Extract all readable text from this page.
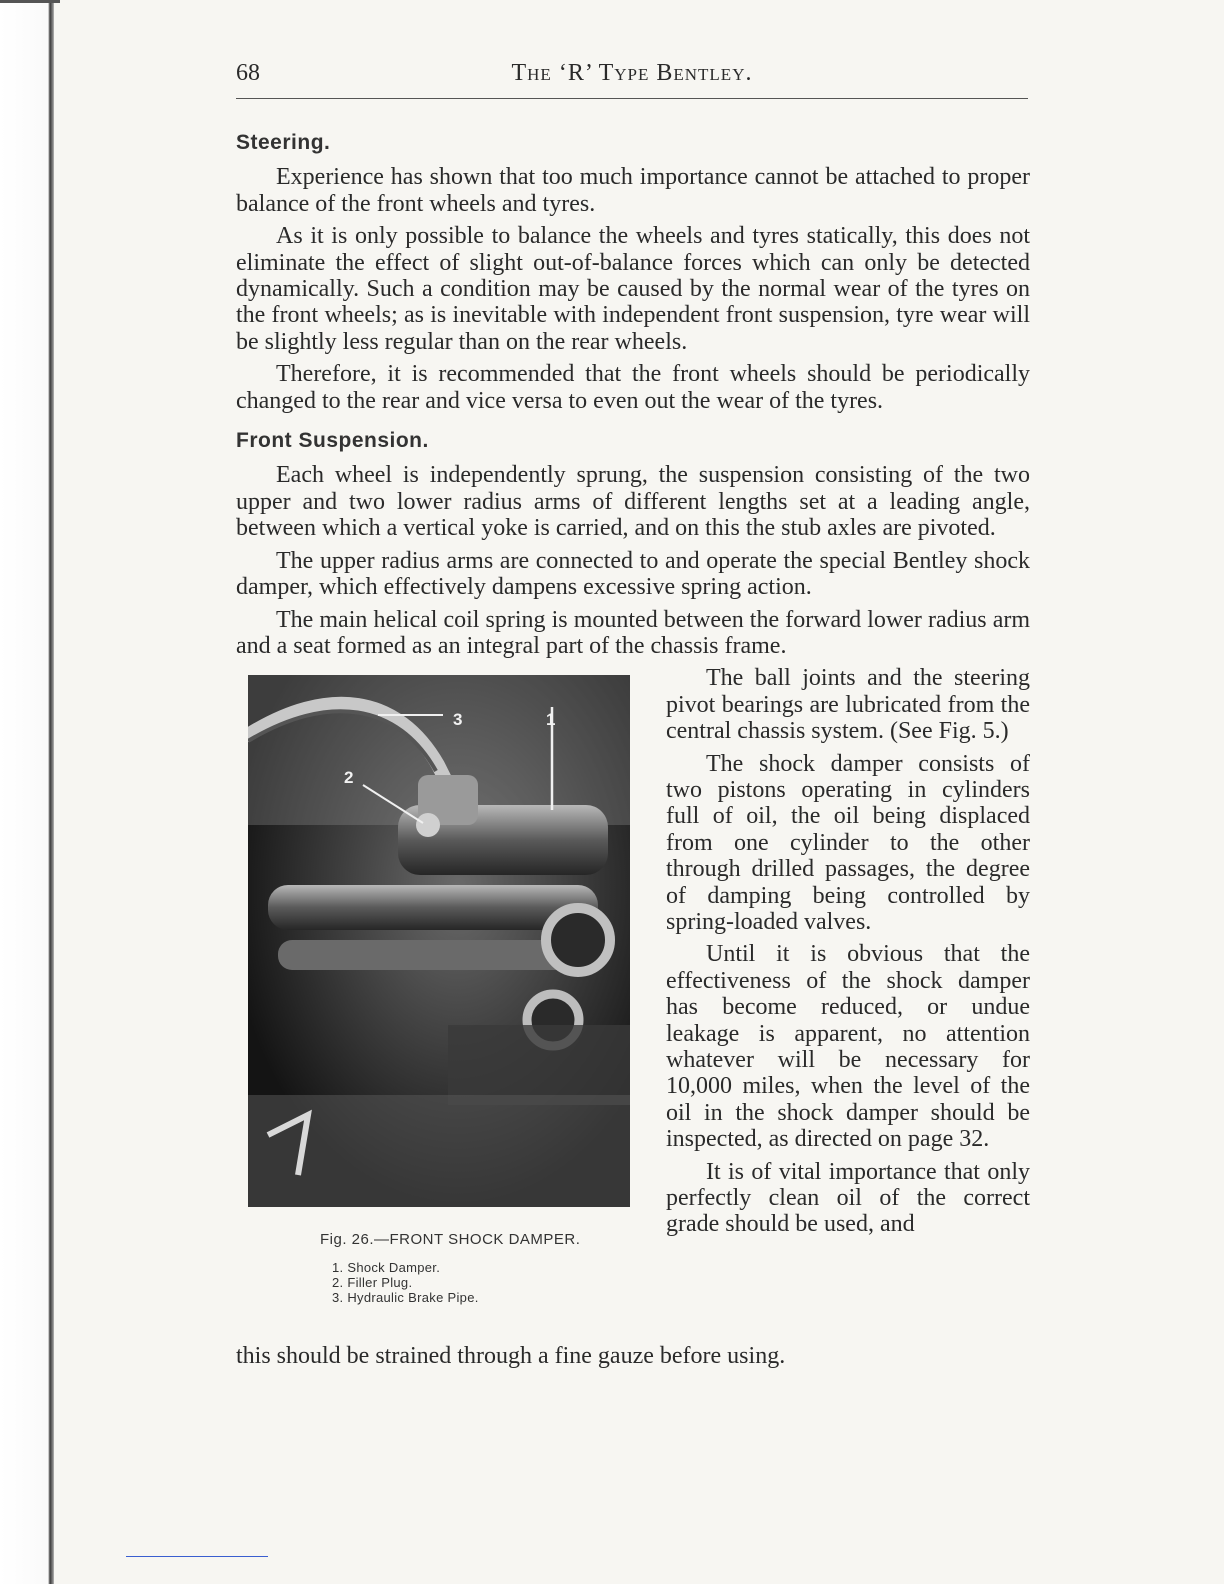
68	The ‘R’ Type Bentley.
Steering.

Experience has shown that too much importance cannot be attached to proper balance of the front wheels and tyres.

As it is only possible to balance the wheels and tyres statically, this does not eliminate the effect of slight out-of-balance forces which can only be detected dynamically. Such a condition may be caused by the normal wear of the tyres on the front wheels; as is inevitable with independent front suspension, tyre wear will be slightly less regular than on the rear wheels.

Therefore, it is recommended that the front wheels should be periodically changed to the rear and vice versa to even out the wear of the tyres.

Front Suspension.

Each wheel is independently sprung, the suspension consisting of the two upper and two lower radius arms of different lengths set at a leading angle, between which a vertical yoke is carried, and on this the stub axles are pivoted.

The upper radius arms are connected to and operate the special Bentley shock damper, which effectively dampens excessive spring action.

The main helical coil spring is mounted between the forward lower radius arm and a seat formed as an integral part of the chassis frame.

3	1
2
Fig. 26.—FRONT SHOCK DAMPER.
1. Shock Damper.
2. Filler Plug.
3. Hydraulic Brake Pipe.

The ball joints and the steering pivot bearings are lubricated from the central chassis system. (See Fig. 5.)

The shock damper consists of two pistons operating in cylinders full of oil, the oil being displaced from one cylinder to the other through drilled passages, the degree of damping being controlled by spring-loaded valves.

Until it is obvious that the effectiveness of the shock damper has become reduced, or undue leakage is apparent, no attention whatever will be necessary for 10,000 miles, when the level of the oil in the shock damper should be inspected, as directed on page 32.

It is of vital importance that only perfectly clean oil of the correct grade should be used, and

this should be strained through a fine gauze before using.
